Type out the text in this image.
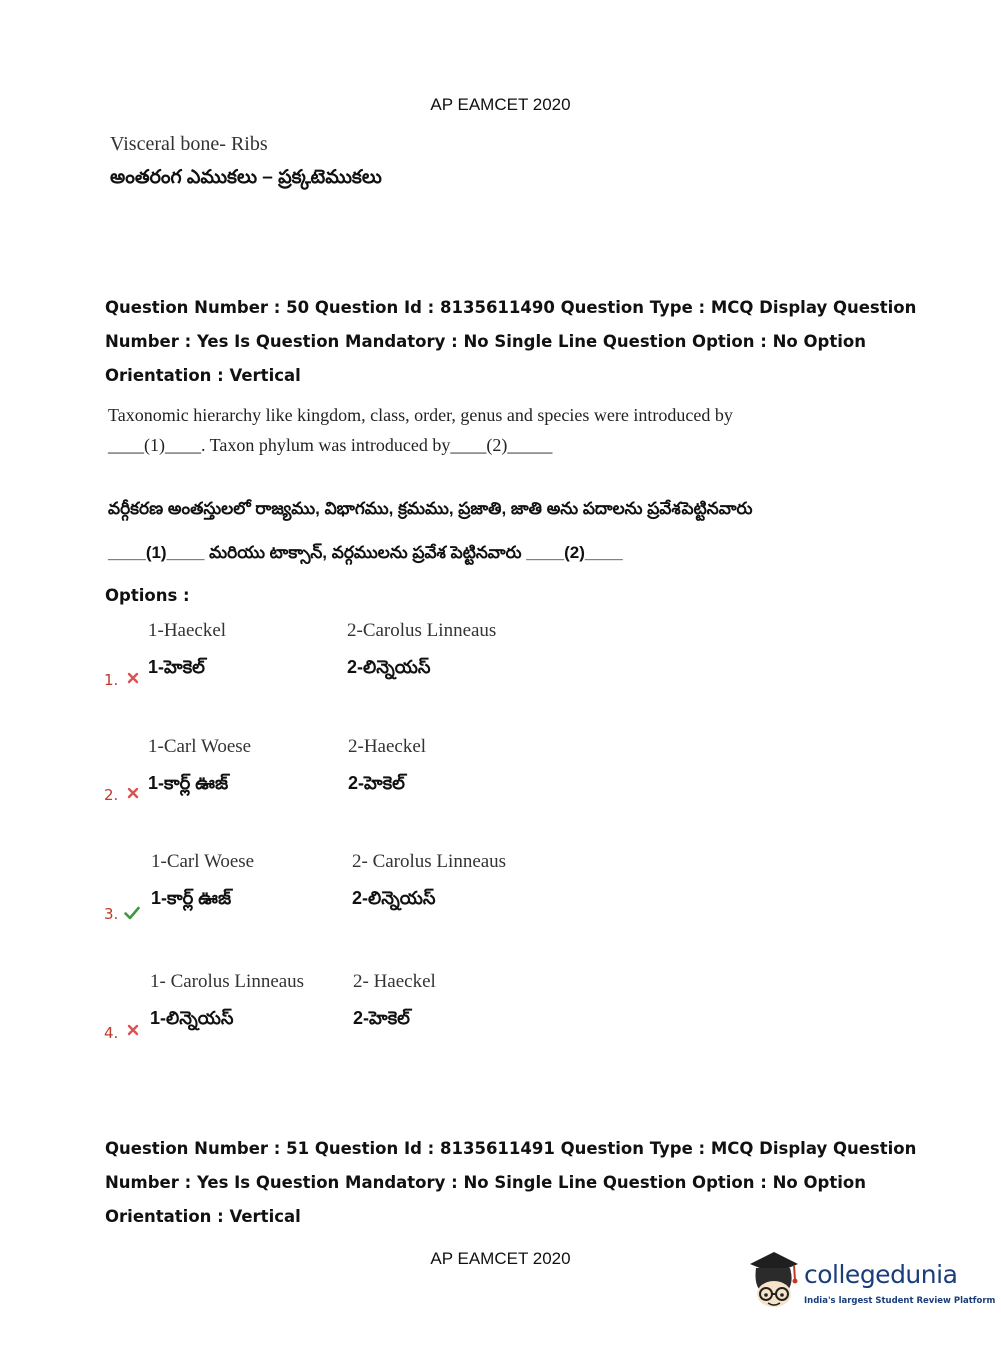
AP EAMCET 2020
Visceral bone- Ribs
అంతరంగ ఎముకలు – ప్రక్కటెముకలు
Question Number : 50 Question Id : 8135611490 Question Type : MCQ Display Question
Number : Yes Is Question Mandatory : No Single Line Question Option : No Option
Orientation : Vertical
Taxonomic hierarchy like kingdom, class, order, genus and species were introduced by
____(1)____. Taxon phylum was introduced by____(2)_____
వర్గీకరణ అంతస్తులలో రాజ్యము, విభాగము, క్రమము, ప్రజాతి, జాతి అను పదాలను ప్రవేశపెట్టినవారు
____(1)____ మరియు టాక్సాన్, వర్గములను ప్రవేశ పెట్టినవారు ____(2)____
Options :
1-Haeckel	2-Carolus Linneaus
1-హెకెల్	2-లిన్నెయస్
1.
1-Carl Woese	2-Haeckel
1-కార్ల్ ఊజ్	2-హెకెల్
2.
1-Carl Woese	2- Carolus Linneaus
1-కార్ల్ ఊజ్	2-లిన్నెయస్
3.
1- Carolus Linneaus	2- Haeckel
1-లిన్నెయస్	2-హెకెల్
4.
Question Number : 51 Question Id : 8135611491 Question Type : MCQ Display Question
Number : Yes Is Question Mandatory : No Single Line Question Option : No Option
Orientation : Vertical
AP EAMCET 2020
collegedunia
India's largest Student Review Platform
